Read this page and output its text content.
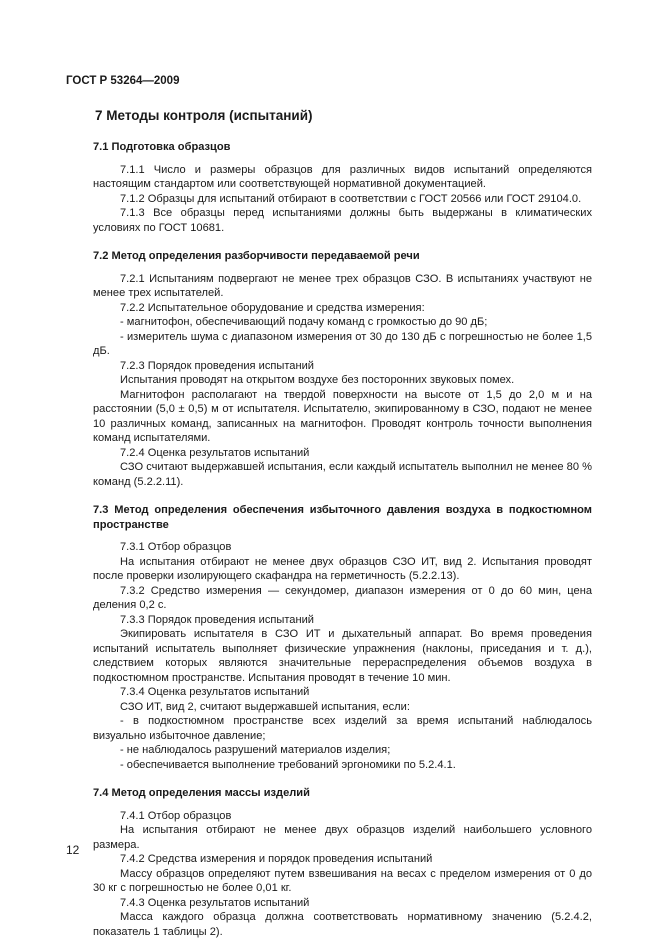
ГОСТ Р 53264—2009
7 Методы контроля (испытаний)

7.1 Подготовка образцов

7.1.1 Число и размеры образцов для различных видов испытаний определяются настоящим стандартом или соответствующей нормативной документацией.

7.1.2 Образцы для испытаний отбирают в соответствии с ГОСТ 20566 или ГОСТ 29104.0.

7.1.3 Все образцы перед испытаниями должны быть выдержаны в климатических условиях по ГОСТ 10681.

7.2 Метод определения разборчивости передаваемой речи

7.2.1 Испытаниям подвергают не менее трех образцов СЗО. В испытаниях участвуют не менее трех испытателей.

7.2.2 Испытательное оборудование и средства измерения:

- магнитофон, обеспечивающий подачу команд с громкостью до 90 дБ;

- измеритель шума с диапазоном измерения от 30 до 130 дБ с погрешностью не более 1,5 дБ.

7.2.3 Порядок проведения испытаний

Испытания проводят на открытом воздухе без посторонних звуковых помех.

Магнитофон располагают на твердой поверхности на высоте от 1,5 до 2,0 м и на расстоянии (5,0 ± 0,5) м от испытателя. Испытателю, экипированному в СЗО, подают не менее 10 различных команд, записанных на магнитофон. Проводят контроль точности выполнения команд испытателями.

7.2.4 Оценка результатов испытаний

СЗО считают выдержавшей испытания, если каждый испытатель выполнил не менее 80 % команд (5.2.2.11).

7.3 Метод определения обеспечения избыточного давления воздуха в подкостюмном пространстве

7.3.1 Отбор образцов

На испытания отбирают не менее двух образцов СЗО ИТ, вид 2. Испытания проводят после проверки изолирующего скафандра на герметичность (5.2.2.13).

7.3.2 Средство измерения — секундомер, диапазон измерения от 0 до 60 мин, цена деления 0,2 с.

7.3.3 Порядок проведения испытаний

Экипировать испытателя в СЗО ИТ и дыхательный аппарат. Во время проведения испытаний испытатель выполняет физические упражнения (наклоны, приседания и т. д.), следствием которых являются значительные перераспределения объемов воздуха в подкостюмном пространстве. Испытания проводят в течение 10 мин.

7.3.4 Оценка результатов испытаний

СЗО ИТ, вид 2, считают выдержавшей испытания, если:

- в подкостюмном пространстве всех изделий за время испытаний наблюдалось визуально избыточное давление;

- не наблюдалось разрушений материалов изделия;

- обеспечивается выполнение требований эргономики по 5.2.4.1.

7.4 Метод определения массы изделий

7.4.1 Отбор образцов

На испытания отбирают не менее двух образцов изделий наибольшего условного размера.

7.4.2 Средства измерения и порядок проведения испытаний

Массу образцов определяют путем взвешивания на весах с пределом измерения от 0 до 30 кг с погрешностью не более 0,01 кг.

7.4.3 Оценка результатов испытаний

Масса каждого образца должна соответствовать нормативному значению (5.2.4.2, показатель 1 таблицы 2).

12
